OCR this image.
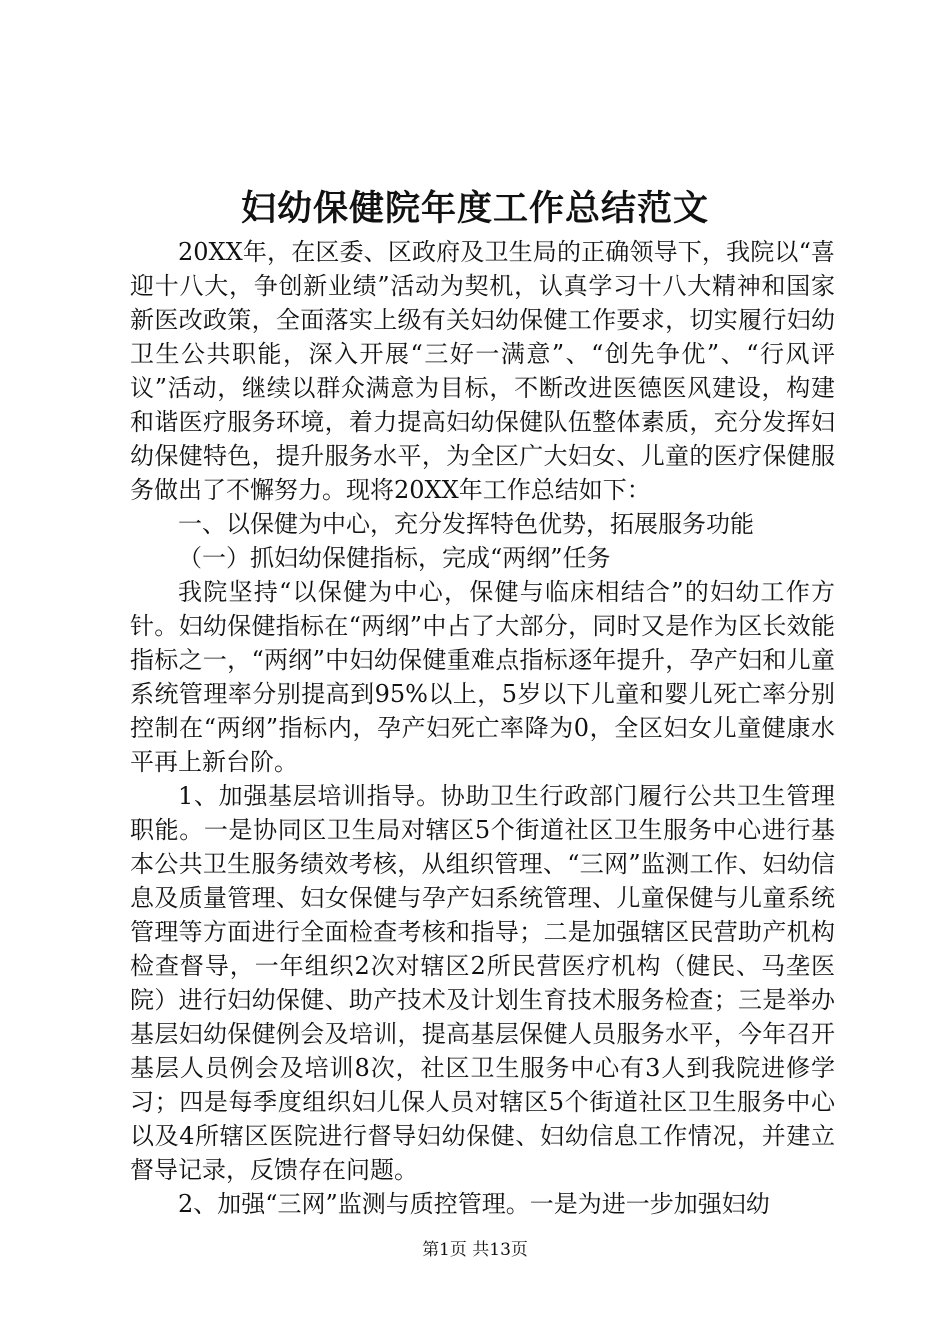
妇幼保健院年度工作总结范文

20XX年，在区委、区政府及卫生局的正确领导下，我院以“喜迎十八大，争创新业绩”活动为契机，认真学习十八大精神和国家新医改政策，全面落实上级有关妇幼保健工作要求，切实履行妇幼卫生公共职能，深入开展“三好一满意”、“创先争优”、“行风评议”活动，继续以群众满意为目标，不断改进医德医风建设，构建和谐医疗服务环境，着力提高妇幼保健队伍整体素质，充分发挥妇幼保健特色，提升服务水平，为全区广大妇女、儿童的医疗保健服务做出了不懈努力。现将20XX年工作总结如下：

一、以保健为中心，充分发挥特色优势，拓展服务功能

（一）抓妇幼保健指标，完成“两纲”任务

我院坚持“以保健为中心，保健与临床相结合”的妇幼工作方针。妇幼保健指标在“两纲”中占了大部分，同时又是作为区长效能指标之一，“两纲”中妇幼保健重难点指标逐年提升，孕产妇和儿童系统管理率分别提高到95%以上，5岁以下儿童和婴儿死亡率分别控制在“两纲”指标内，孕产妇死亡率降为0，全区妇女儿童健康水平再上新台阶。

1、加强基层培训指导。协助卫生行政部门履行公共卫生管理职能。一是协同区卫生局对辖区5个街道社区卫生服务中心进行基本公共卫生服务绩效考核，从组织管理、“三网”监测工作、妇幼信息及质量管理、妇女保健与孕产妇系统管理、儿童保健与儿童系统管理等方面进行全面检查考核和指导；二是加强辖区民营助产机构检查督导，一年组织2次对辖区2所民营医疗机构（健民、马垄医院）进行妇幼保健、助产技术及计划生育技术服务检查；三是举办基层妇幼保健例会及培训，提高基层保健人员服务水平，今年召开基层人员例会及培训8次，社区卫生服务中心有3人到我院进修学习；四是每季度组织妇儿保人员对辖区5个街道社区卫生服务中心以及4所辖区医院进行督导妇幼保健、妇幼信息工作情况，并建立督导记录，反馈存在问题。

2、加强“三网”监测与质控管理。一是为进一步加强妇幼

第1页 共13页
